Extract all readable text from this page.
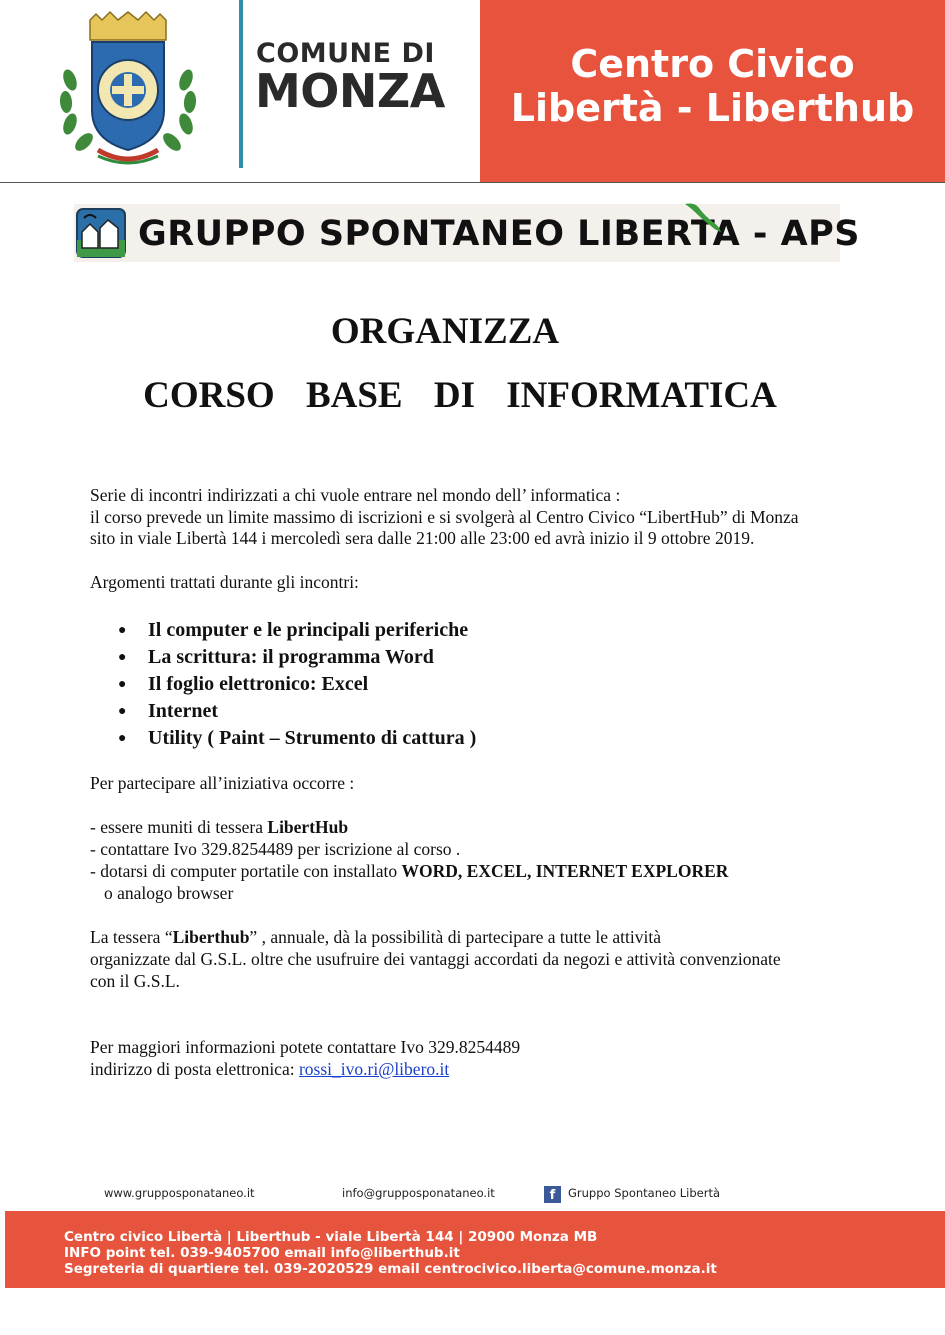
COMUNE DI
MONZA	Centro Civico
Libertà - Liberthub
GRUPPO SPONTANEO LIBERTA - APS
ORGANIZZA
CORSO BASE DI INFORMATICA
Serie di incontri indirizzati a chi vuole entrare nel mondo dell’ informatica :
il corso prevede un limite massimo di iscrizioni e si svolgerà al Centro Civico “LibertHub” di Monza
sito in viale Libertà 144 i mercoledì sera dalle 21:00 alle 23:00 ed avrà inizio il 9 ottobre 2019.
Argomenti trattati durante gli incontri:
● Il computer e le principali periferiche
● La scrittura: il programma Word
● Il foglio elettronico: Excel
● Internet
● Utility ( Paint – Strumento di cattura )
Per partecipare all’iniziativa occorre :
- essere muniti di tessera LibertHub
- contattare Ivo 329.8254489 per iscrizione al corso .
- dotarsi di computer portatile con installato WORD, EXCEL, INTERNET EXPLORER
o analogo browser
La tessera “Liberthub” , annuale, dà la possibilità di partecipare a tutte le attività
organizzate dal G.S.L. oltre che usufruire dei vantaggi accordati da negozi e attività convenzionate
con il G.S.L.
Per maggiori informazioni potete contattare Ivo 329.8254489
indirizzo di posta elettronica: rossi_ivo.ri@libero.it
www.grupposponataneo.it	info@grupposponataneo.it	f	Gruppo Spontaneo Libertà
Centro civico Libertà | Liberthub - viale Libertà 144 | 20900 Monza MB
INFO point tel. 039-9405700 email info@liberthub.it
Segreteria di quartiere tel. 039-2020529 email centrocivico.liberta@comune.monza.it
